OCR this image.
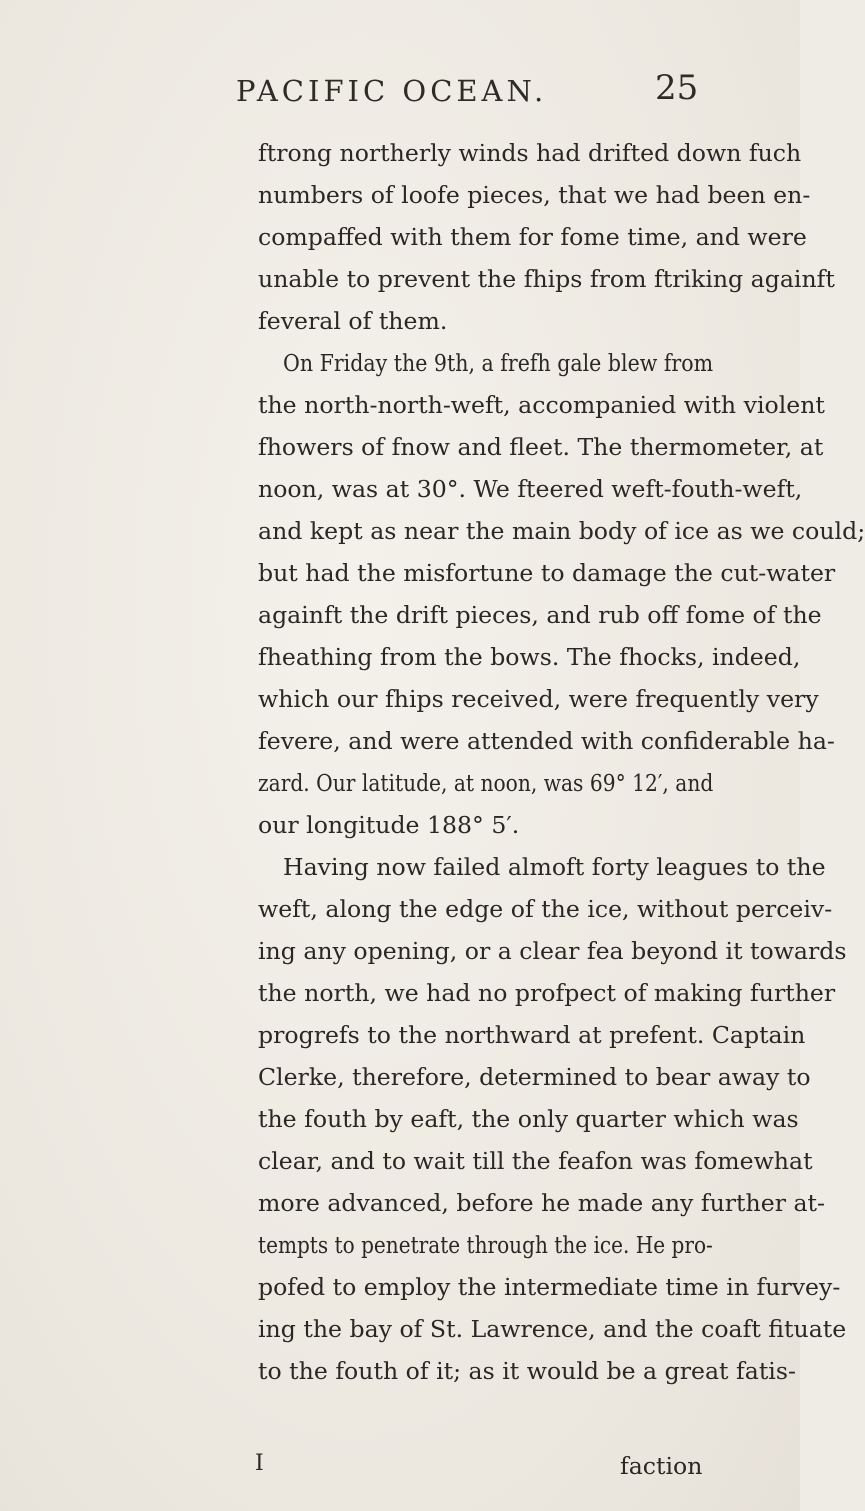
PACIFIC OCEAN.	25
ftrong northerly winds had drifted down fuch
numbers of loofe pieces, that we had been en-
compaffed with them for fome time, and were
unable to prevent the fhips from ftriking againft
feveral of them.
On Friday the 9th, a frefh gale blew from
the north-north-weft, accompanied with violent
fhowers of fnow and fleet. The thermometer, at
noon, was at 30°. We fteered weft-fouth-weft,
and kept as near the main body of ice as we could;
but had the misfortune to damage the cut-water
againft the drift pieces, and rub off fome of the
fheathing from the bows. The fhocks, indeed,
which our fhips received, were frequently very
fevere, and were attended with confiderable ha-
zard. Our latitude, at noon, was 69° 12′, and
our longitude 188° 5′.
Having now failed almoft forty leagues to the
weft, along the edge of the ice, without perceiv-
ing any opening, or a clear fea beyond it towards
the north, we had no profpect of making further
progrefs to the northward at prefent. Captain
Clerke, therefore, determined to bear away to
the fouth by eaft, the only quarter which was
clear, and to wait till the feafon was fomewhat
more advanced, before he made any further at-
tempts to penetrate through the ice. He pro-
pofed to employ the intermediate time in furvey-
ing the bay of St. Lawrence, and the coaft fituate
to the fouth of it; as it would be a great fatis-
I	faction
